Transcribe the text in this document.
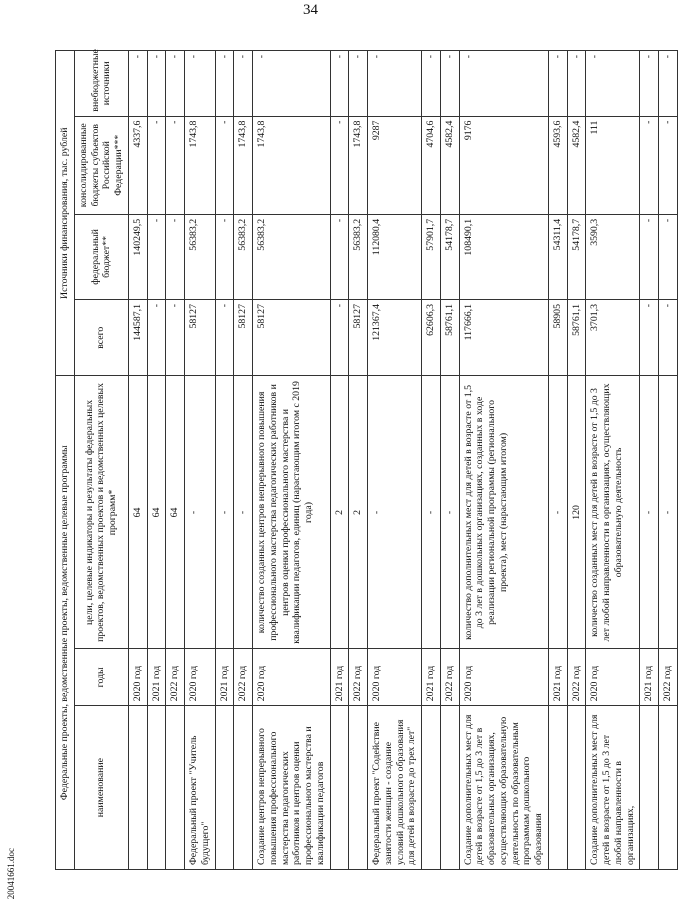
34
Федеральные проекты, ведомственные проекты, ведомственные целевые программы			Источники финансирования, тыс. рублей			
наименование	годы	цели, целевые индикаторы и результаты федеральных проектов, ведомственных проектов и ведомственных целевых программ*	всего	федеральный бюджет**	консолидированные бюджеты субъектов Российской Федерации***	внебюджетные источники
	2020 год	64	144587,1	140249,5	4337,6	-
	2021 год	64	-	-	-	-
	2022 год	64	-	-	-	-
Федеральный проект "Учитель будущего"	2020 год	-	58127	56383,2	1743,8	-
	2021 год	-	-	-	-	-
	2022 год	-	58127	56383,2	1743,8	-
Создание центров непрерывного повышения профессионального мастерства педагогических работников и центров оценки профессионального мастерства и квалификации педагогов	2020 год	количество созданных центров непрерывного повышения профессионального мастерства педагогических работников и центров оценки профессионального мастерства и квалификации педагогов, единиц (нарастающим итогом с 2019 года)	58127	56383,2	1743,8	-
	2021 год	2	-	-	-	-
	2022 год	2	58127	56383,2	1743,8	-
Федеральный проект "Содействие занятости женщин - создание условий дошкольного образования для детей в возрасте до трех лет"	2020 год	-	121367,4	112080,4	9287	-
	2021 год	-	62606,3	57901,7	4704,6	-
	2022 год	-	58761,1	54178,7	4582,4	-
Создание дополнительных мест для детей в возрасте от 1,5 до 3 лет в образовательных организациях, осуществляющих образовательную деятельность по образовательным программам дошкольного образования	2020 год	количество дополнительных мест для детей в возрасте от 1,5 до 3 лет в дошкольных организациях, созданных в ходе реализации региональной программы (регионального проекта), мест (нарастающим итогом)	117666,1	108490,1	9176	-
	2021 год	-	58905	54311,4	4593,6	-
	2022 год	120	58761,1	54178,7	4582,4	-
Создание дополнительных мест для детей в возрасте от 1,5 до 3 лет любой направленности в организациях,	2020 год	количество созданных мест для детей в возрасте от 1,5 до 3 лет любой направленности в организациях, осуществляющих образовательную деятельность	3701,3	3590,3	111	-
	2021 год	-	-	-	-	-
	2022 год	-	-	-	-	-
20041661.doc
